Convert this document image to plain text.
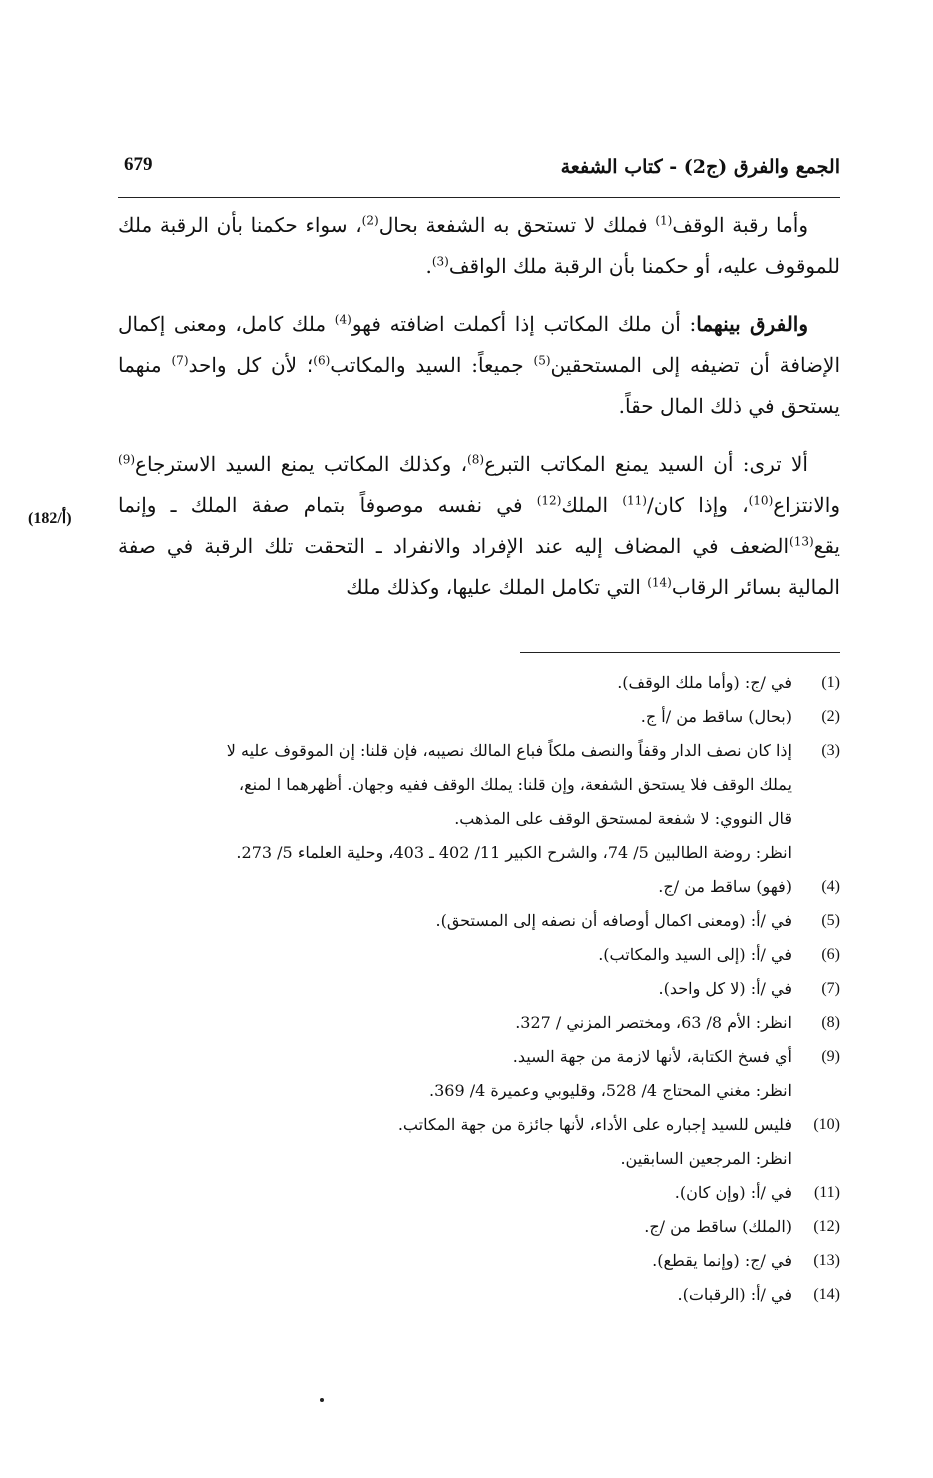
الجمع والفرق (ج2) - كتاب الشفعة
679

وأما رقبة الوقف$^{(1)}$ فملك لا تستحق به الشفعة بحال$^{(2)}$، سواء حكمنا بأن الرقبة ملك للموقوف عليه، أو حكمنا بأن الرقبة ملك الواقف$^{(3)}$.

والفرق بينهما: أن ملك المكاتب إذا أكملت اضافته فهو$^{(4)}$ ملك كامل، ومعنى إكمال الإضافة أن تضيفه إلى المستحقين$^{(5)}$ جميعاً: السيد والمكاتب$^{(6)}$؛ لأن كل واحد$^{(7)}$ منهما يستحق في ذلك المال حقاً.

ألا ترى: أن السيد يمنع المكاتب التبرع$^{(8)}$، وكذلك المكاتب يمنع السيد الاسترجاع$^{(9)}$ والانتزاع$^{(10)}$، وإذا كان/$^{(11)}$ الملك$^{(12)}$ في نفسه موصوفاً بتمام صفة الملك ـ وإنما يقع$^{(13)}$الضعف في المضاف إليه عند الإفراد والانفراد ـ التحقت تلك الرقبة في صفة المالية بسائر الرقاب$^{(14)}$ التي تكامل الملك عليها، وكذلك ملك

(182/أ)
(1)
في /ج: (وأما ملك الوقف).
(2)
(بحال) ساقط من /أ ج.
(3)
إذا كان نصف الدار وقفاً والنصف ملكاً فباع المالك نصيبه، فإن قلنا: إن الموقوف عليه لا
يملك الوقف فلا يستحق الشفعة، وإن قلنا: يملك الوقف ففيه وجهان. أظهرهما ا لمنع،
قال النووي: لا شفعة لمستحق الوقف على المذهب.
انظر: روضة الطالبين 5/ 74، والشرح الكبير 11/ 402 ـ 403، وحلية العلماء 5/ 273.
(4)
(فهو) ساقط من /ج.
(5)
في /أ: (ومعنى اكمال أوصافه أن نصفه إلى المستحق).
(6)
في /أ: (إلى السيد والمكاتب).
(7)
في /أ: (لا كل واحد).
(8)
انظر: الأم 8/ 63، ومختصر المزني / 327.
(9)
أي فسخ الكتابة، لأنها لازمة من جهة السيد.
انظر: مغني المحتاج 4/ 528، وقليوبي وعميرة 4/ 369.
(10)
فليس للسيد إجباره على الأداء، لأنها جائزة من جهة المكاتب.
انظر: المرجعين السابقين.
(11)
في /أ: (وإن كان).
(12)
(الملك) ساقط من /ج.
(13)
في /ج: (وإنما يقطع).
(14)
في /أ: (الرقبات).
